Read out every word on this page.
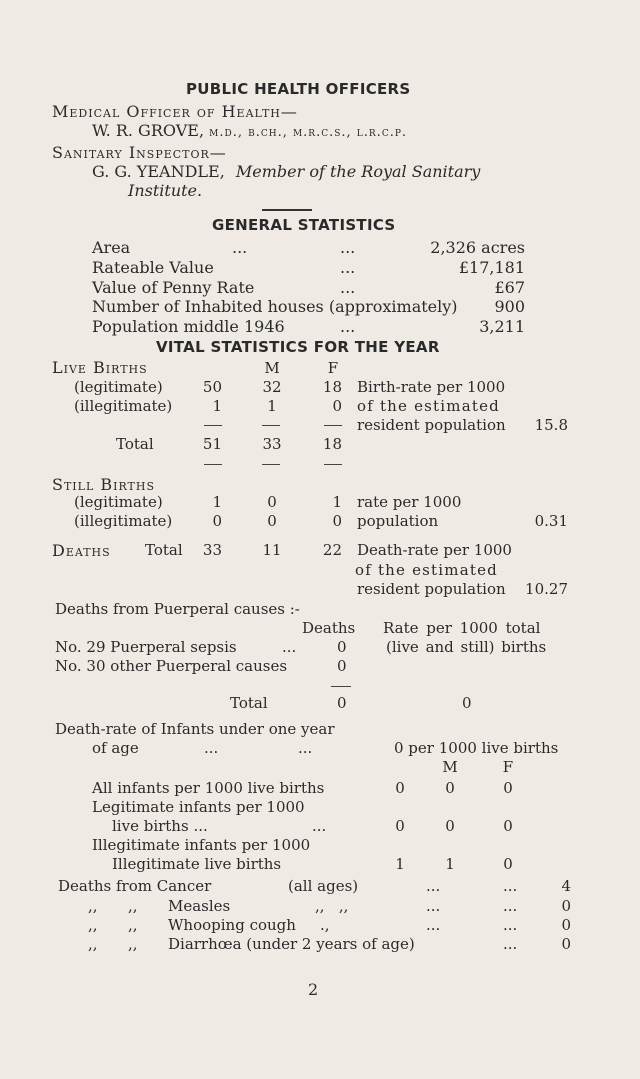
PUBLIC HEALTH OFFICERS
Medical Officer of Health—
W. R. GROVE, m.d., b.ch., m.r.c.s., l.r.c.p.
Sanitary Inspector—
G. G. YEANDLE, Member of the Royal Sanitary
Institute.
GENERAL STATISTICS
Area	...	...	2,326 acres
Rateable Value	...	£17,181
Value of Penny Rate	...	£67
Number of Inhabited houses (approximately) 900
Population middle 1946	...	3,211
VITAL STATISTICS FOR THE YEAR
M	F
Live Births
(legitimate)	50	32	18
(illegitimate)	1	1	0
Total	51	33	18
Birth-rate per 1000
of the estimated
resident population 15.8
Still Births
(legitimate)	1	0	1
(illegitimate)	0	0	0
rate per 1000
population	0.31
Deaths Total	33	11	22 Death-rate per 1000
of the estimated
resident population 10.27
Deaths from Puerperal causes :-
Deaths Rate per 1000 total
(live and still) births
No. 29 Puerperal sepsis	...	0
No. 30 other Puerperal causes	0
Total	0	0
Death-rate of Infants under one year
of age	...	...	0 per 1000 live births
M	F
All infants per 1000 live births	0	0	0
Legitimate infants per 1000
live births ...	...	0	0	0
Illegitimate infants per 1000
Illegitimate live births	1	1	0
Deaths from Cancer	(all ages)	...	...	4
,, ,, Measles	,,   ,,	...	...	0
,, ,, Whooping cough .,	...	...	0
,, ,, Diarrhœa (under 2 years of age)	...	0
2
